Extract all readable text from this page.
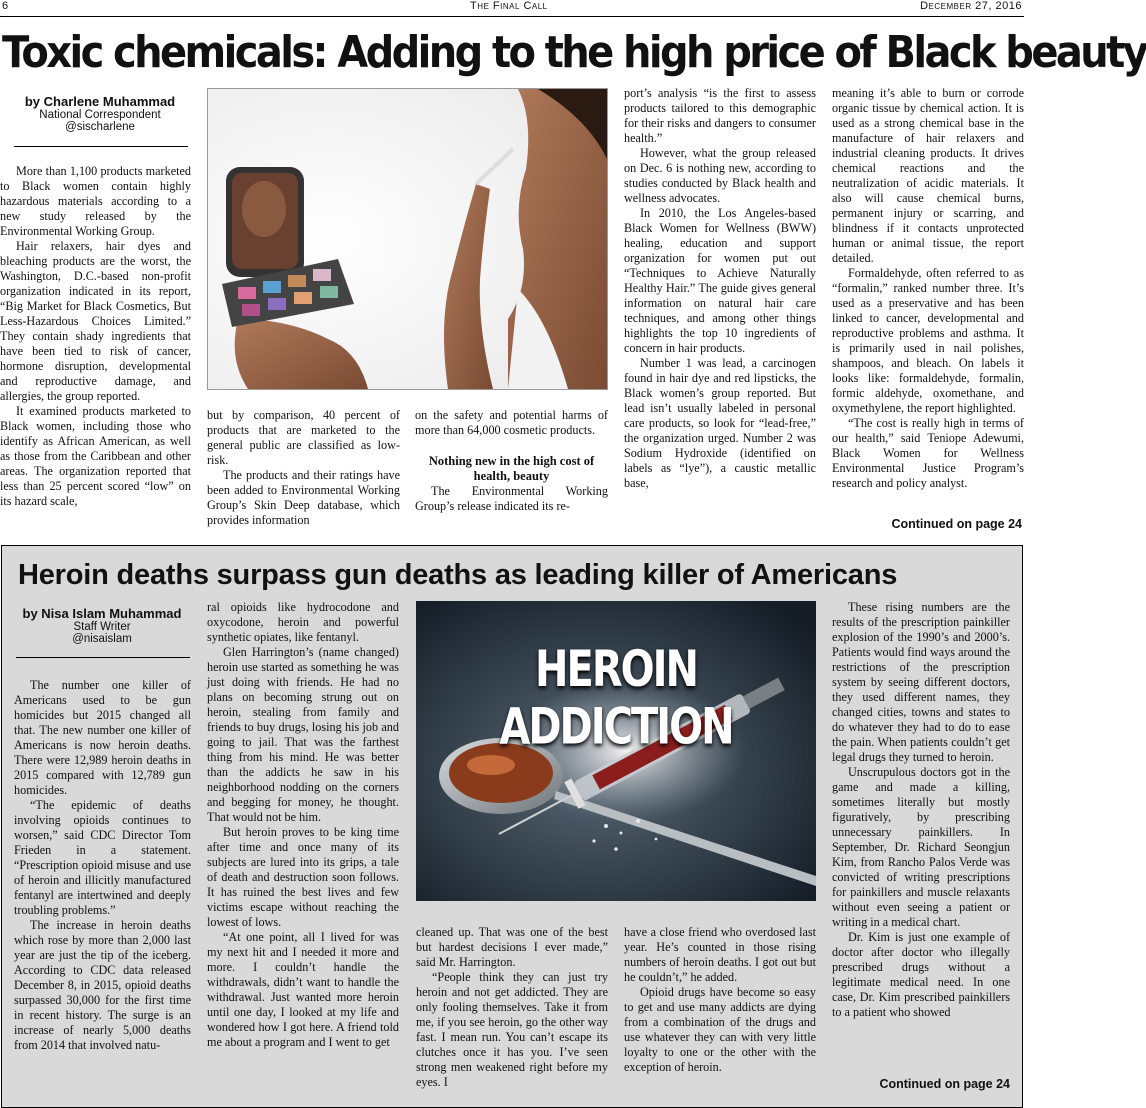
6	The Final Call	December 27, 2016
Toxic chemicals: Adding to the high price of Black beauty
by Charlene Muhammad
National Correspondent
@sischarlene

More than 1,100 products marketed to Black women contain highly hazardous materials according to a new study released by the Environmental Working Group.

Hair relaxers, hair dyes and bleaching products are the worst, the Washington, D.C.-based non-profit organization indicated in its report, “Big Market for Black Cosmetics, But Less-Hazardous Choices Limited.” They contain shady ingredients that have been tied to risk of cancer, hormone disruption, developmental and reproductive damage, and allergies, the group reported.

It examined products marketed to Black women, including those who identify as African American, as well as those from the Caribbean and other areas. The organization reported that less than 25 percent scored “low” on its hazard scale,

but by comparison, 40 percent of products that are marketed to the general public are classified as low-risk.

The products and their ratings have been added to Environmental Working Group’s Skin Deep database, which provides information

on the safety and potential harms of more than 64,000 cosmetic products.

Nothing new in the high cost of health, beauty

The Environmental Working Group’s release indicated its re-

port’s analysis “is the first to assess products tailored to this demographic for their risks and dangers to consumer health.”

However, what the group released on Dec. 6 is nothing new, according to studies conducted by Black health and wellness advocates.

In 2010, the Los Angeles-based Black Women for Wellness (BWW) healing, education and support organization for women put out “Techniques to Achieve Naturally Healthy Hair.” The guide gives general information on natural hair care techniques, and among other things highlights the top 10 ingredients of concern in hair products.

Number 1 was lead, a carcinogen found in hair dye and red lipsticks, the Black women’s group reported. But lead isn’t usually labeled in personal care products, so look for “lead-free,” the organization urged. Number 2 was Sodium Hydroxide (identified on labels as “lye”), a caustic metallic base,

meaning it’s able to burn or corrode organic tissue by chemical action. It is used as a strong chemical base in the manufacture of hair relaxers and industrial cleaning products. It drives chemical reactions and the neutralization of acidic materials. It also will cause chemical burns, permanent injury or scarring, and blindness if it contacts unprotected human or animal tissue, the report detailed.

Formaldehyde, often referred to as “formalin,” ranked number three. It’s used as a preservative and has been linked to cancer, developmental and reproductive problems and asthma. It is primarily used in nail polishes, shampoos, and bleach. On labels it looks like: formaldehyde, formalin, formic aldehyde, oxomethane, and oxymethylene, the report highlighted.

“The cost is really high in terms of our health,” said Teniope Adewumi, Black Women for Wellness Environmental Justice Program’s research and policy analyst.

Continued on page 24
Heroin deaths surpass gun deaths as leading killer of Americans
by Nisa Islam Muhammad
Staff Writer
@nisaislam

The number one killer of Americans used to be gun homicides but 2015 changed all that. The new number one killer of Americans is now heroin deaths. There were 12,989 heroin deaths in 2015 compared with 12,789 gun homicides.

“The epidemic of deaths involving opioids continues to worsen,” said CDC Director Tom Frieden in a statement. “Prescription opioid misuse and use of heroin and illicitly manufactured fentanyl are intertwined and deeply troubling problems.”

The increase in heroin deaths which rose by more than 2,000 last year are just the tip of the iceberg. According to CDC data released December 8, in 2015, opioid deaths surpassed 30,000 for the first time in recent history. The surge is an increase of nearly 5,000 deaths from 2014 that involved natu-

ral opioids like hydrocodone and oxycodone, heroin and powerful synthetic opiates, like fentanyl.

Glen Harrington’s (name changed) heroin use started as something he was just doing with friends. He had no plans on becoming strung out on heroin, stealing from family and friends to buy drugs, losing his job and going to jail. That was the farthest thing from his mind. He was better than the addicts he saw in his neighborhood nodding on the corners and begging for money, he thought. That would not be him.

But heroin proves to be king time after time and once many of its subjects are lured into its grips, a tale of death and destruction soon follows. It has ruined the best lives and few victims escape without reaching the lowest of lows.

“At one point, all I lived for was my next hit and I needed it more and more. I couldn’t handle the withdrawals, didn’t want to handle the withdrawal. Just wanted more heroin until one day, I looked at my life and wondered how I got here. A friend told me about a program and I went to get

HEROIN ADDICTION

cleaned up. That was one of the best but hardest decisions I ever made,” said Mr. Harrington.

“People think they can just try heroin and not get addicted. They are only fooling themselves. Take it from me, if you see heroin, go the other way fast. I mean run. You can’t escape its clutches once it has you. I’ve seen strong men weakened right before my eyes. I

have a close friend who overdosed last year. He’s counted in those rising numbers of heroin deaths. I got out but he couldn’t,” he added.

Opioid drugs have become so easy to get and use many addicts are dying from a combination of the drugs and use whatever they can with very little loyalty to one or the other with the exception of heroin.

These rising numbers are the results of the prescription painkiller explosion of the 1990’s and 2000’s. Patients would find ways around the restrictions of the prescription system by seeing different doctors, they used different names, they changed cities, towns and states to do whatever they had to do to ease the pain. When patients couldn’t get legal drugs they turned to heroin.

Unscrupulous doctors got in the game and made a killing, sometimes literally but mostly figuratively, by prescribing unnecessary painkillers. In September, Dr. Richard Seongjun Kim, from Rancho Palos Verde was convicted of writing prescriptions for painkillers and muscle relaxants without even seeing a patient or writing in a medical chart.

Dr. Kim is just one example of doctor after doctor who illegally prescribed drugs without a legitimate medical need. In one case, Dr. Kim prescribed painkillers to a patient who showed

Continued on page 24
